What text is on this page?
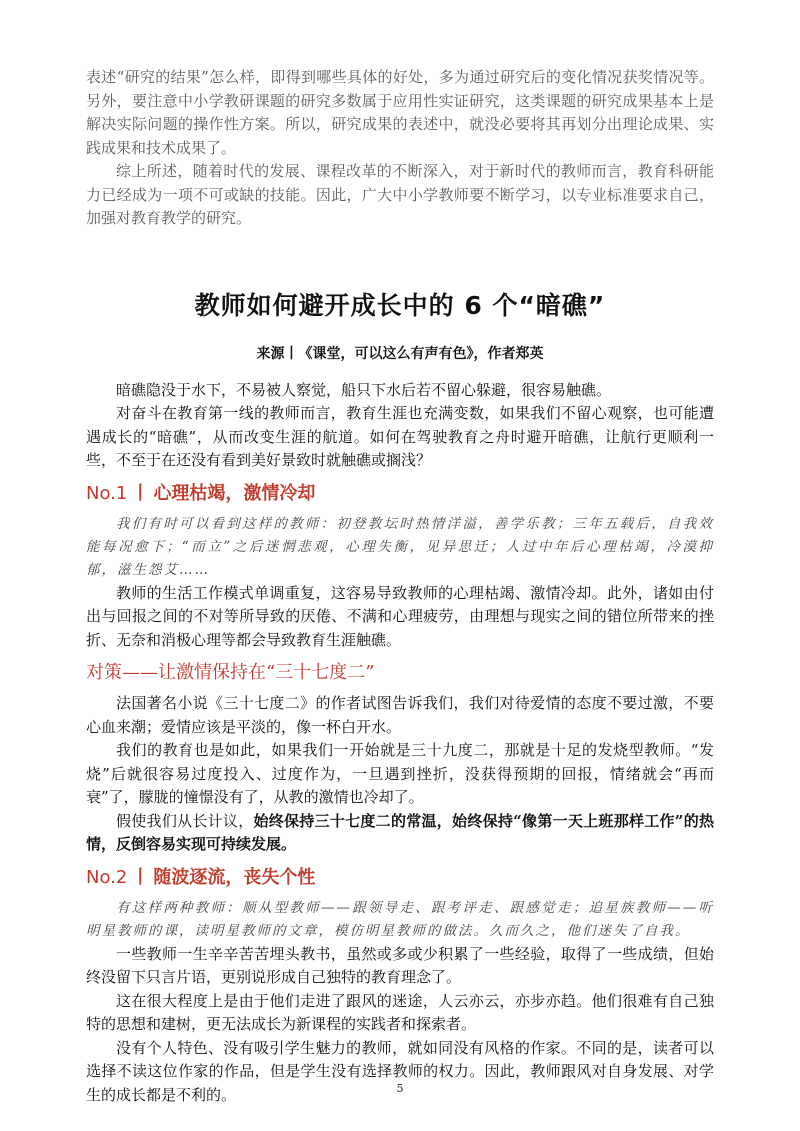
表述“研究的结果”怎么样，即得到哪些具体的好处，多为通过研究后的变化情况获奖情况等。另外，要注意中小学教研课题的研究多数属于应用性实证研究，这类课题的研究成果基本上是解决实际问题的操作性方案。所以，研究成果的表述中，就没必要将其再划分出理论成果、实践成果和技术成果了。

综上所述，随着时代的发展、课程改革的不断深入，对于新时代的教师而言，教育科研能力已经成为一项不可或缺的技能。因此，广大中小学教师要不断学习，以专业标准要求自己，加强对教育教学的研究。

教师如何避开成长中的 6 个“暗礁”
来源丨《课堂，可以这么有声有色》，作者郑英

暗礁隐没于水下，不易被人察觉，船只下水后若不留心躲避，很容易触礁。

对奋斗在教育第一线的教师而言，教育生涯也充满变数，如果我们不留心观察，也可能遭遇成长的“暗礁”，从而改变生涯的航道。如何在驾驶教育之舟时避开暗礁，让航行更顺利一些，不至于在还没有看到美好景致时就触礁或搁浅？

No.1 丨 心理枯竭，激情冷却

我们有时可以看到这样的教师：初登教坛时热情洋溢，善学乐教；三年五载后，自我效能每况愈下；“而立”之后迷惘悲观，心理失衡，见异思迁；人过中年后心理枯竭，冷漠抑郁，滋生怨艾……

教师的生活工作模式单调重复，这容易导致教师的心理枯竭、激情冷却。此外，诸如由付出与回报之间的不对等所导致的厌倦、不满和心理疲劳，由理想与现实之间的错位所带来的挫折、无奈和消极心理等都会导致教育生涯触礁。

对策——让激情保持在“三十七度二”

法国著名小说《三十七度二》的作者试图告诉我们，我们对待爱情的态度不要过激，不要心血来潮；爱情应该是平淡的，像一杯白开水。

我们的教育也是如此，如果我们一开始就是三十九度二，那就是十足的发烧型教师。“发烧”后就很容易过度投入、过度作为，一旦遇到挫折，没获得预期的回报，情绪就会“再而衰”了，朦胧的憧憬没有了，从教的激情也冷却了。

假使我们从长计议，始终保持三十七度二的常温，始终保持“像第一天上班那样工作”的热情，反倒容易实现可持续发展。

No.2 丨 随波逐流，丧失个性

有这样两种教师：顺从型教师——跟领导走、跟考评走、跟感觉走；追星族教师——听明星教师的课，读明星教师的文章，模仿明星教师的做法。久而久之，他们迷失了自我。

一些教师一生辛辛苦苦埋头教书，虽然或多或少积累了一些经验，取得了一些成绩，但始终没留下只言片语，更别说形成自己独特的教育理念了。

这在很大程度上是由于他们走进了跟风的迷途，人云亦云，亦步亦趋。他们很难有自己独特的思想和建树，更无法成长为新课程的实践者和探索者。

没有个人特色、没有吸引学生魅力的教师，就如同没有风格的作家。不同的是，读者可以选择不读这位作家的作品，但是学生没有选择教师的权力。因此，教师跟风对自身发展、对学生的成长都是不利的。	5
